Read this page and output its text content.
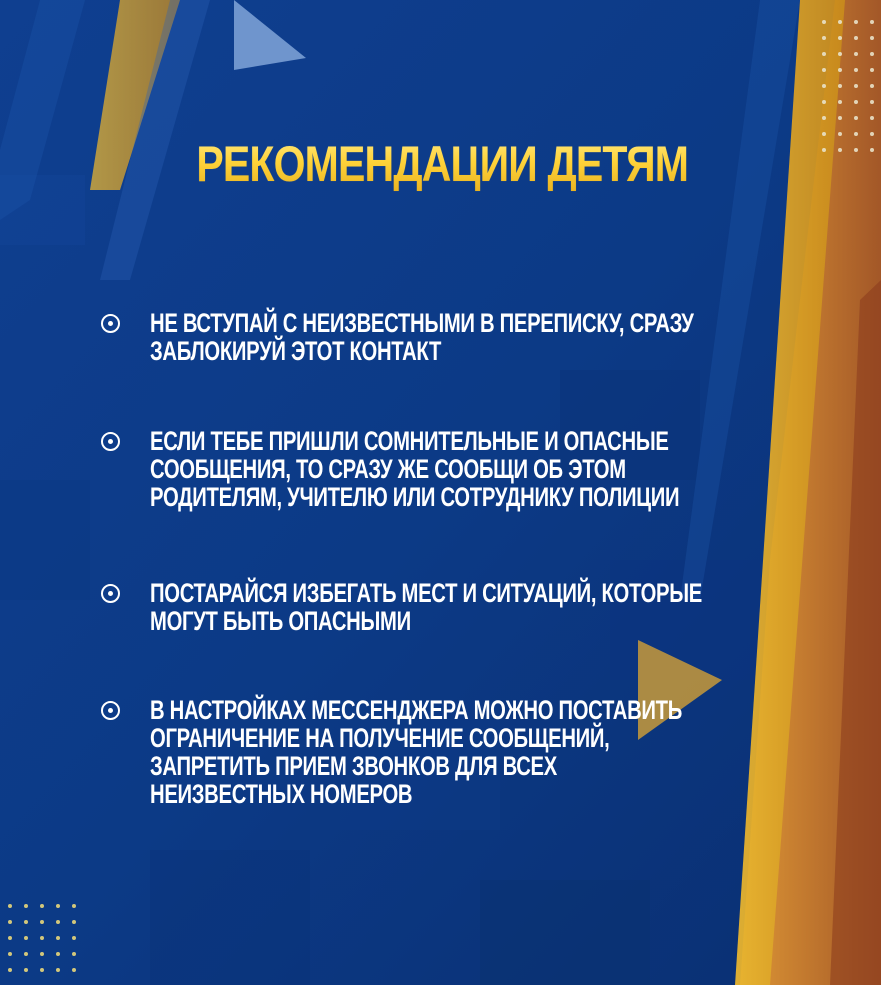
РЕКОМЕНДАЦИИ ДЕТЯМ
НЕ ВСТУПАЙ С НЕИЗВЕСТНЫМИ В ПЕРЕПИСКУ, СРАЗУ
ЗАБЛОКИРУЙ ЭТОТ КОНТАКТ
ЕСЛИ ТЕБЕ ПРИШЛИ СОМНИТЕЛЬНЫЕ И ОПАСНЫЕ
СООБЩЕНИЯ, ТО СРАЗУ ЖЕ СООБЩИ ОБ ЭТОМ
РОДИТЕЛЯМ, УЧИТЕЛЮ ИЛИ СОТРУДНИКУ ПОЛИЦИИ
ПОСТАРАЙСЯ ИЗБЕГАТЬ МЕСТ И СИТУАЦИЙ, КОТОРЫЕ
МОГУТ БЫТЬ ОПАСНЫМИ
В НАСТРОЙКАХ МЕССЕНДЖЕРА МОЖНО ПОСТАВИТЬ
ОГРАНИЧЕНИЕ НА ПОЛУЧЕНИЕ СООБЩЕНИЙ,
ЗАПРЕТИТЬ ПРИЕМ ЗВОНКОВ ДЛЯ ВСЕХ
НЕИЗВЕСТНЫХ НОМЕРОВ
